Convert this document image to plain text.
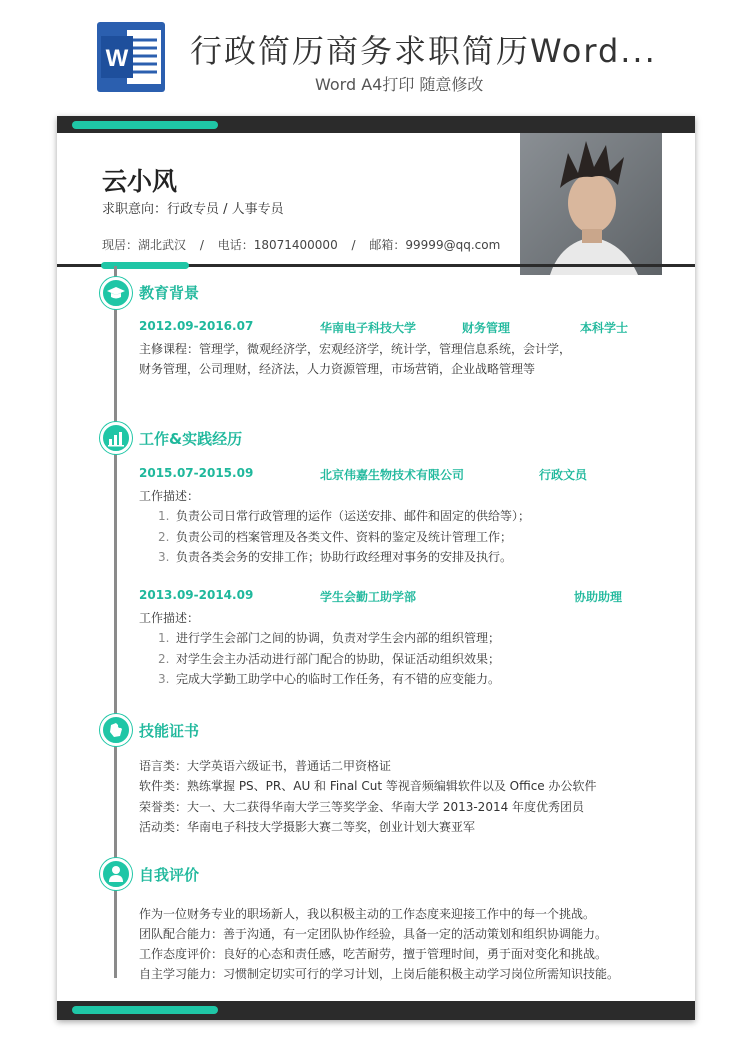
W 行政简历商务求职简历Word...
Word A4打印 随意修改
云小风
求职意向：行政专员 / 人事专员
现居：湖北武汉 / 电话：18071400000 / 邮箱：99999@qq.com
教育背景
2012.09-2016.07	华南电子科技大学	财务管理	本科学士
主修课程：管理学，微观经济学，宏观经济学，统计学，管理信息系统，会计学，
财务管理，公司理财，经济法，人力资源管理，市场营销，企业战略管理等
工作&实践经历
2015.07-2015.09	北京伟嘉生物技术有限公司	行政文员
工作描述：
1. 负责公司日常行政管理的运作（运送安排、邮件和固定的供给等）；
2. 负责公司的档案管理及各类文件、资料的鉴定及统计管理工作；
3. 负责各类会务的安排工作；协助行政经理对事务的安排及执行。
2013.09-2014.09	学生会勤工助学部	协助助理
工作描述：
1. 进行学生会部门之间的协调，负责对学生会内部的组织管理；
2. 对学生会主办活动进行部门配合的协助，保证活动组织效果；
3. 完成大学勤工助学中心的临时工作任务，有不错的应变能力。
技能证书
语言类：大学英语六级证书，普通话二甲资格证
软件类：熟练掌握 PS、PR、AU 和 Final Cut 等视音频编辑软件以及 Office 办公软件
荣誉类：大一、大二获得华南大学三等奖学金、华南大学 2013-2014 年度优秀团员
活动类：华南电子科技大学摄影大赛二等奖，创业计划大赛亚军
自我评价
作为一位财务专业的职场新人，我以积极主动的工作态度来迎接工作中的每一个挑战。
团队配合能力：善于沟通，有一定团队协作经验，具备一定的活动策划和组织协调能力。
工作态度评价：良好的心态和责任感，吃苦耐劳，擅于管理时间，勇于面对变化和挑战。
自主学习能力：习惯制定切实可行的学习计划，上岗后能积极主动学习岗位所需知识技能。
